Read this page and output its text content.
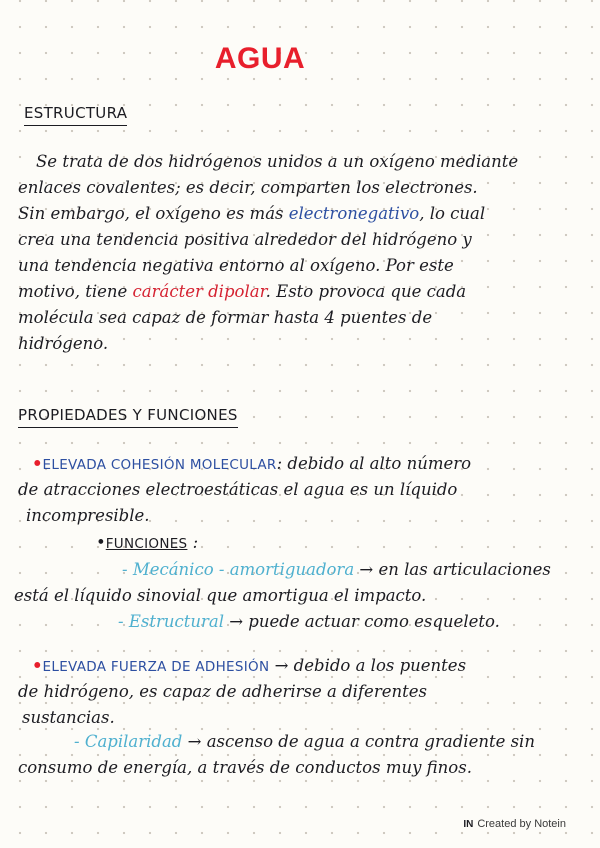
AGUA
ESTRUCTURA
Se trata de dos hidrógenos unidos a un oxígeno mediante
enlaces covalentes; es decir, comparten los electrones.
Sin embargo, el oxígeno es más electronegativo, lo cual
crea una tendencia positiva alrededor del hidrógeno y
una tendencia negativa entorno al oxígeno. Por este
motivo, tiene carácter dipolar. Esto provoca que cada
molécula sea capaz de formar hasta 4 puentes de
hidrógeno.
PROPIEDADES Y FUNCIONES
•ELEVADA COHESIÓN MOLECULAR: debido al alto número
de atracciones electroestáticas el agua es un líquido
incompresible.
•FUNCIONES :
- Mecánico - amortiguadora → en las articulaciones
está el líquido sinovial que amortigua el impacto.
- Estructural → puede actuar como esqueleto.
•ELEVADA FUERZA DE ADHESIÓN → debido a los puentes
de hidrógeno, es capaz de adherirse a diferentes
sustancias.
- Capilaridad → ascenso de agua a contra gradiente sin
consumo de energía, a través de conductos muy finos.
IN Created by Notein
